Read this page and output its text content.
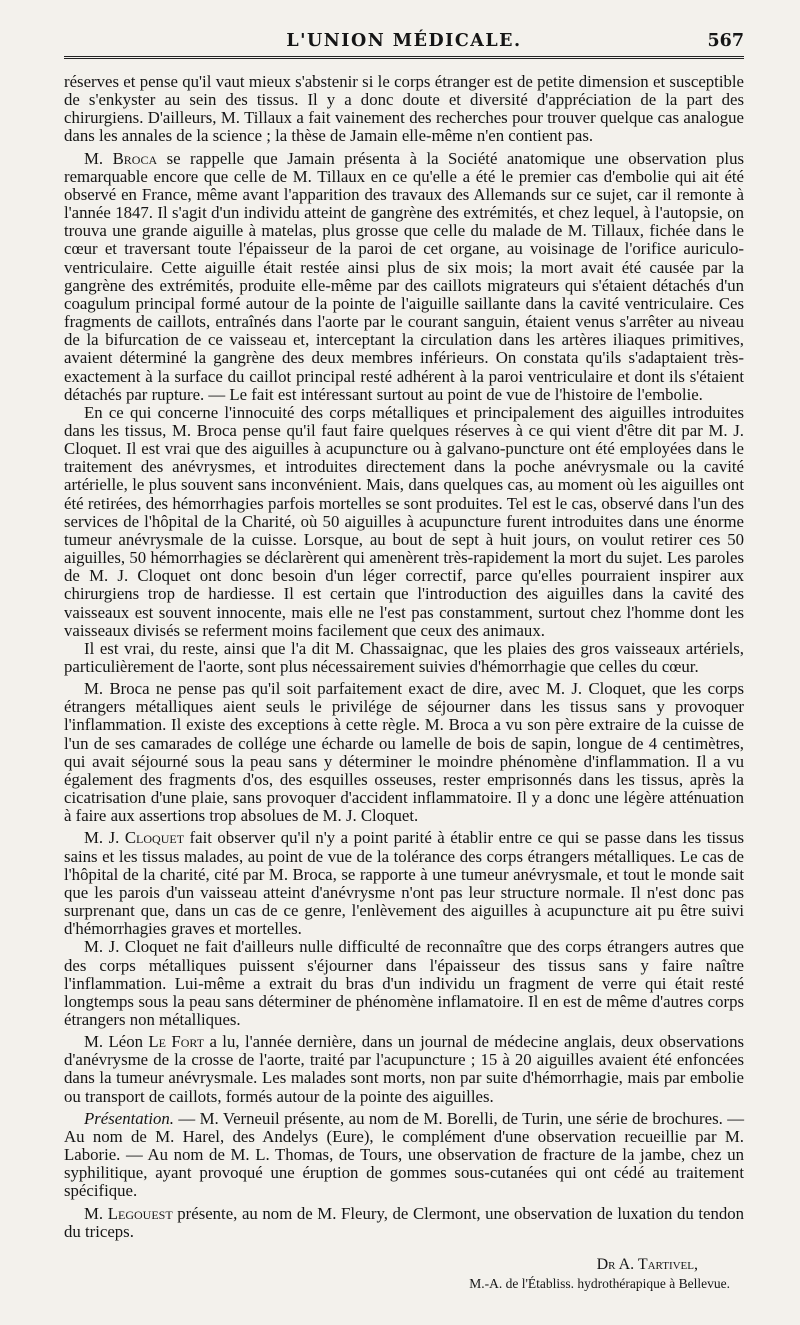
L'UNION MÉDICALE.	567

réserves et pense qu'il vaut mieux s'abstenir si le corps étranger est de petite dimension et susceptible de s'enkyster au sein des tissus. Il y a donc doute et diversité d'appréciation de la part des chirurgiens. D'ailleurs, M. Tillaux a fait vainement des recherches pour trouver quelque cas analogue dans les annales de la science ; la thèse de Jamain elle-même n'en contient pas.

M. Broca se rappelle que Jamain présenta à la Société anatomique une observation plus remarquable encore que celle de M. Tillaux en ce qu'elle a été le premier cas d'embolie qui ait été observé en France, même avant l'apparition des travaux des Allemands sur ce sujet, car il remonte à l'année 1847. Il s'agit d'un individu atteint de gangrène des extrémités, et chez lequel, à l'autopsie, on trouva une grande aiguille à matelas, plus grosse que celle du malade de M. Tillaux, fichée dans le cœur et traversant toute l'épaisseur de la paroi de cet organe, au voisinage de l'orifice auriculo-ventriculaire. Cette aiguille était restée ainsi plus de six mois; la mort avait été causée par la gangrène des extrémités, produite elle-même par des caillots migrateurs qui s'étaient détachés d'un coagulum principal formé autour de la pointe de l'aiguille saillante dans la cavité ventriculaire. Ces fragments de caillots, entraînés dans l'aorte par le courant sanguin, étaient venus s'arrêter au niveau de la bifurcation de ce vaisseau et, interceptant la circulation dans les artères iliaques primitives, avaient déterminé la gangrène des deux membres inférieurs. On constata qu'ils s'adaptaient très-exactement à la surface du caillot principal resté adhérent à la paroi ventriculaire et dont ils s'étaient détachés par rupture. — Le fait est intéressant surtout au point de vue de l'histoire de l'embolie.

En ce qui concerne l'innocuité des corps métalliques et principalement des aiguilles introduites dans les tissus, M. Broca pense qu'il faut faire quelques réserves à ce qui vient d'être dit par M. J. Cloquet. Il est vrai que des aiguilles à acupuncture ou à galvano-puncture ont été employées dans le traitement des anévrysmes, et introduites directement dans la poche anévrysmale ou la cavité artérielle, le plus souvent sans inconvénient. Mais, dans quelques cas, au moment où les aiguilles ont été retirées, des hémorrhagies parfois mortelles se sont produites. Tel est le cas, observé dans l'un des services de l'hôpital de la Charité, où 50 aiguilles à acupuncture furent introduites dans une énorme tumeur anévrysmale de la cuisse. Lorsque, au bout de sept à huit jours, on voulut retirer ces 50 aiguilles, 50 hémorrhagies se déclarèrent qui amenèrent très-rapidement la mort du sujet. Les paroles de M. J. Cloquet ont donc besoin d'un léger correctif, parce qu'elles pourraient inspirer aux chirurgiens trop de hardiesse. Il est certain que l'introduction des aiguilles dans la cavité des vaisseaux est souvent innocente, mais elle ne l'est pas constamment, surtout chez l'homme dont les vaisseaux divisés se referment moins facilement que ceux des animaux.

Il est vrai, du reste, ainsi que l'a dit M. Chassaignac, que les plaies des gros vaisseaux artériels, particulièrement de l'aorte, sont plus nécessairement suivies d'hémorrhagie que celles du cœur.

M. Broca ne pense pas qu'il soit parfaitement exact de dire, avec M. J. Cloquet, que les corps étrangers métalliques aient seuls le privilége de séjourner dans les tissus sans y provoquer l'inflammation. Il existe des exceptions à cette règle. M. Broca a vu son père extraire de la cuisse de l'un de ses camarades de collége une écharde ou lamelle de bois de sapin, longue de 4 centimètres, qui avait séjourné sous la peau sans y déterminer le moindre phénomène d'inflammation. Il a vu également des fragments d'os, des esquilles osseuses, rester emprisonnés dans les tissus, après la cicatrisation d'une plaie, sans provoquer d'accident inflammatoire. Il y a donc une légère atténuation à faire aux assertions trop absolues de M. J. Cloquet.

M. J. Cloquet fait observer qu'il n'y a point parité à établir entre ce qui se passe dans les tissus sains et les tissus malades, au point de vue de la tolérance des corps étrangers métalliques. Le cas de l'hôpital de la charité, cité par M. Broca, se rapporte à une tumeur anévrysmale, et tout le monde sait que les parois d'un vaisseau atteint d'anévrysme n'ont pas leur structure normale. Il n'est donc pas surprenant que, dans un cas de ce genre, l'enlèvement des aiguilles à acupuncture ait pu être suivi d'hémorrhagies graves et mortelles.

M. J. Cloquet ne fait d'ailleurs nulle difficulté de reconnaître que des corps étrangers autres que des corps métalliques puissent s'éjourner dans l'épaisseur des tissus sans y faire naître l'inflammation. Lui-même a extrait du bras d'un individu un fragment de verre qui était resté longtemps sous la peau sans déterminer de phénomène inflamatoire. Il en est de même d'autres corps étrangers non métalliques.

M. Léon Le Fort a lu, l'année dernière, dans un journal de médecine anglais, deux observations d'anévrysme de la crosse de l'aorte, traité par l'acupuncture ; 15 à 20 aiguilles avaient été enfoncées dans la tumeur anévrysmale. Les malades sont morts, non par suite d'hémorrhagie, mais par embolie ou transport de caillots, formés autour de la pointe des aiguilles.

Présentation. — M. Verneuil présente, au nom de M. Borelli, de Turin, une série de brochures. — Au nom de M. Harel, des Andelys (Eure), le complément d'une observation recueillie par M. Laborie. — Au nom de M. L. Thomas, de Tours, une observation de fracture de la jambe, chez un syphilitique, ayant provoqué une éruption de gommes sous-cutanées qui ont cédé au traitement spécifique.

M. Legouest présente, au nom de M. Fleury, de Clermont, une observation de luxation du tendon du triceps.

Dr A. Tartivel,
M.-A. de l'Établiss. hydrothérapique à Bellevue.
